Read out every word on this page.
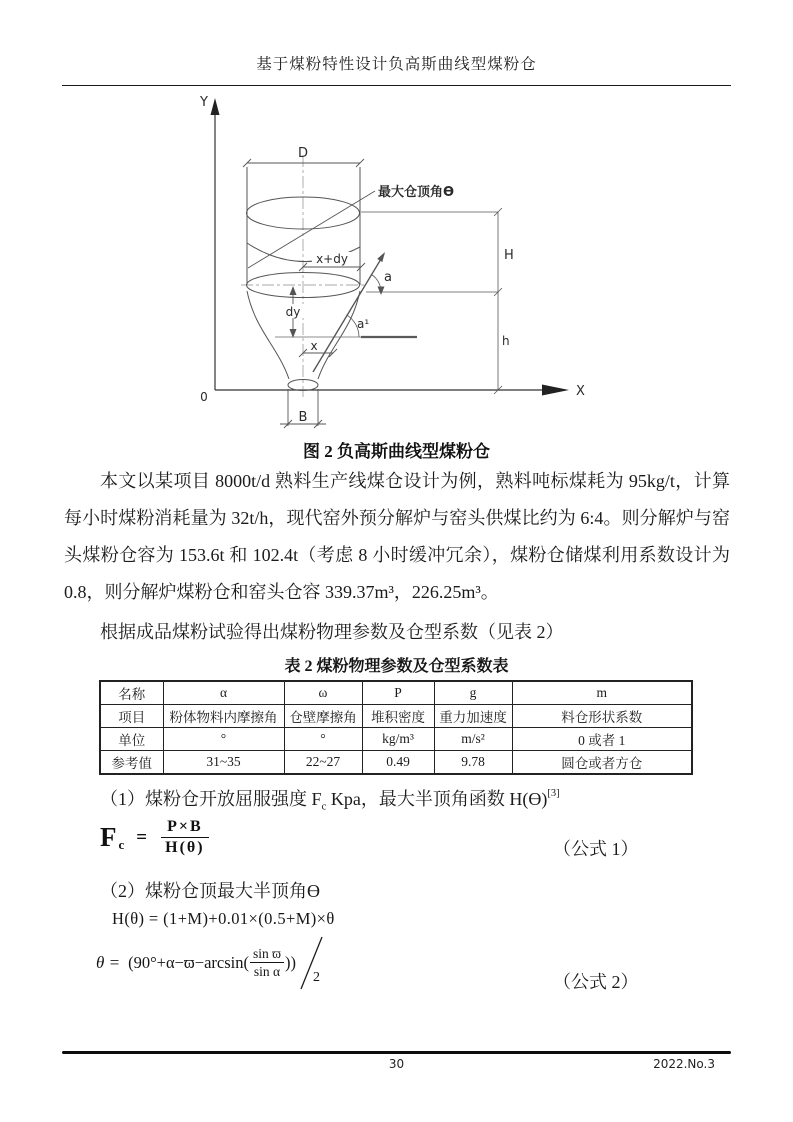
基于煤粉特性设计负高斯曲线型煤粉仓
Y
X
0
最大仓顶角ϴ
D
x+dy	H
h
dy
x
a
a¹
B
图 2 负高斯曲线型煤粉仓
本文以某项目 8000t/d 熟料生产线煤仓设计为例，熟料吨标煤耗为 95kg/t，计算每小时煤粉消耗量为 32t/h，现代窑外预分解炉与窑头供煤比约为 6:4。则分解炉与窑头煤粉仓容为 153.6t 和 102.4t（考虑 8 小时缓冲冗余），煤粉仓储煤利用系数设计为 0.8，则分解炉煤粉仓和窑头仓容 339.37m³，226.25m³。
根据成品煤粉试验得出煤粉物理参数及仓型系数（见表 2）
表 2 煤粉物理参数及仓型系数表
名称	α	ω	P	g	m
项目	粉体物料内摩擦角	仓壁摩擦角	堆积密度	重力加速度	料仓形状系数
单位	°	°	kg/m³	m/s²	0 或者 1
参考值	31~35	22~27	0.49	9.78	圆仓或者方仓
（1）煤粉仓开放屈服强度 $F_c$ Kpa，最大半顶角函数 H(ϴ)[3]
$F_c = \frac{P\times B}{H(\theta)}$	（公式 1）
（2）煤粉仓顶最大半顶角ϴ
H(θ) = (1+M)+0.01×(0.5+M)×θ
$\theta = (90^\circ+\alpha-ϖ-\arcsin( \frac{\text{sin ϖ}}{\text{sin α}}$ ))
2	（公式 2）
30	2022.No.3
